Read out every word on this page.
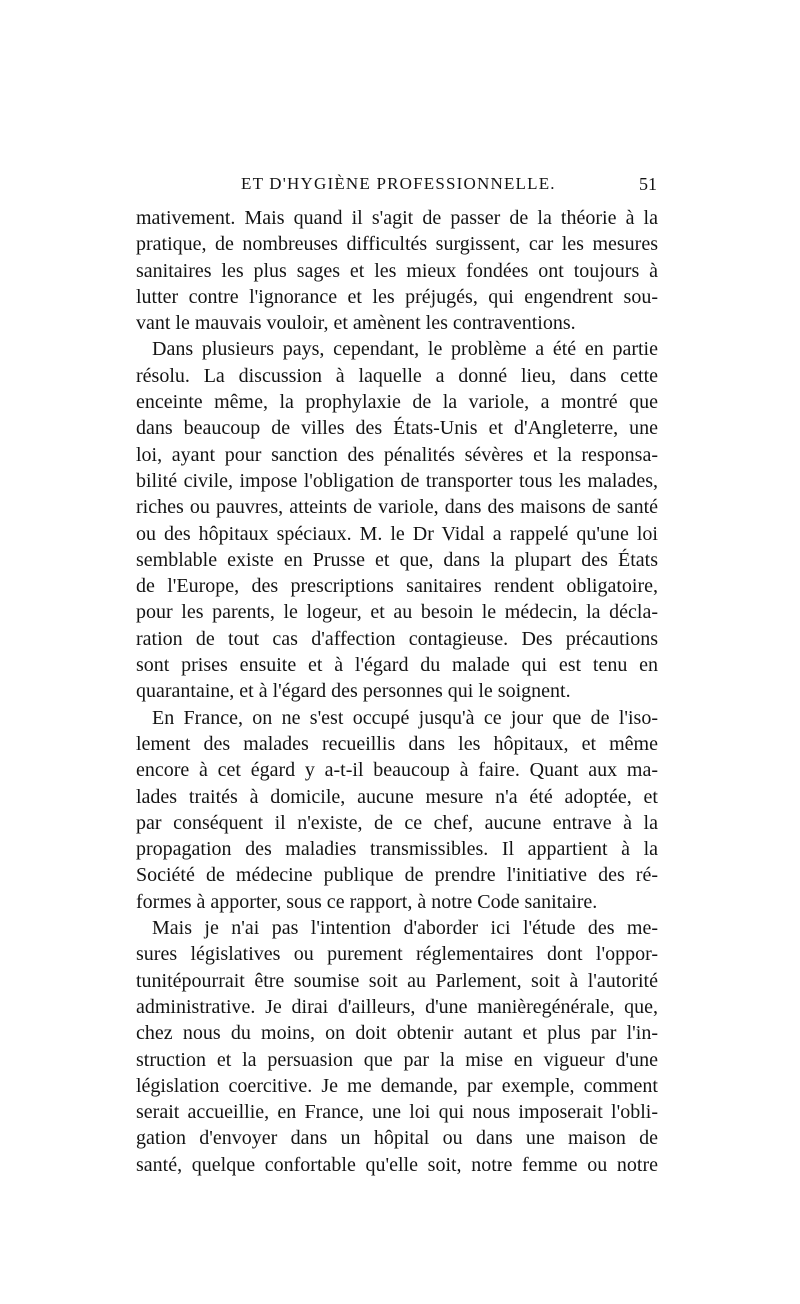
ET D'HYGIÈNE PROFESSIONNELLE.	51
mativement. Mais quand il s'agit de passer de la théorie à la
pratique, de nombreuses difficultés surgissent, car les mesures
sanitaires les plus sages et les mieux fondées ont toujours à
lutter contre l'ignorance et les préjugés, qui engendrent sou-
vant le mauvais vouloir, et amènent les contraventions.
Dans plusieurs pays, cependant, le problème a été en partie
résolu. La discussion à laquelle a donné lieu, dans cette
enceinte même, la prophylaxie de la variole, a montré que
dans beaucoup de villes des États-Unis et d'Angleterre, une
loi, ayant pour sanction des pénalités sévères et la responsa-
bilité civile, impose l'obligation de transporter tous les malades,
riches ou pauvres, atteints de variole, dans des maisons de santé
ou des hôpitaux spéciaux. M. le Dr Vidal a rappelé qu'une loi
semblable existe en Prusse et que, dans la plupart des États
de l'Europe, des prescriptions sanitaires rendent obligatoire,
pour les parents, le logeur, et au besoin le médecin, la décla-
ration de tout cas d'affection contagieuse. Des précautions
sont prises ensuite et à l'égard du malade qui est tenu en
quarantaine, et à l'égard des personnes qui le soignent.
En France, on ne s'est occupé jusqu'à ce jour que de l'iso-
lement des malades recueillis dans les hôpitaux, et même
encore à cet égard y a-t-il beaucoup à faire. Quant aux ma-
lades traités à domicile, aucune mesure n'a été adoptée, et
par conséquent il n'existe, de ce chef, aucune entrave à la
propagation des maladies transmissibles. Il appartient à la
Société de médecine publique de prendre l'initiative des ré-
formes à apporter, sous ce rapport, à notre Code sanitaire.
Mais je n'ai pas l'intention d'aborder ici l'étude des me-
sures législatives ou purement réglementaires dont l'oppor-
tunitépourrait être soumise soit au Parlement, soit à l'autorité
administrative. Je dirai d'ailleurs, d'une manièregénérale, que,
chez nous du moins, on doit obtenir autant et plus par l'in-
struction et la persuasion que par la mise en vigueur d'une
législation coercitive. Je me demande, par exemple, comment
serait accueillie, en France, une loi qui nous imposerait l'obli-
gation d'envoyer dans un hôpital ou dans une maison de
santé, quelque confortable qu'elle soit, notre femme ou notre
